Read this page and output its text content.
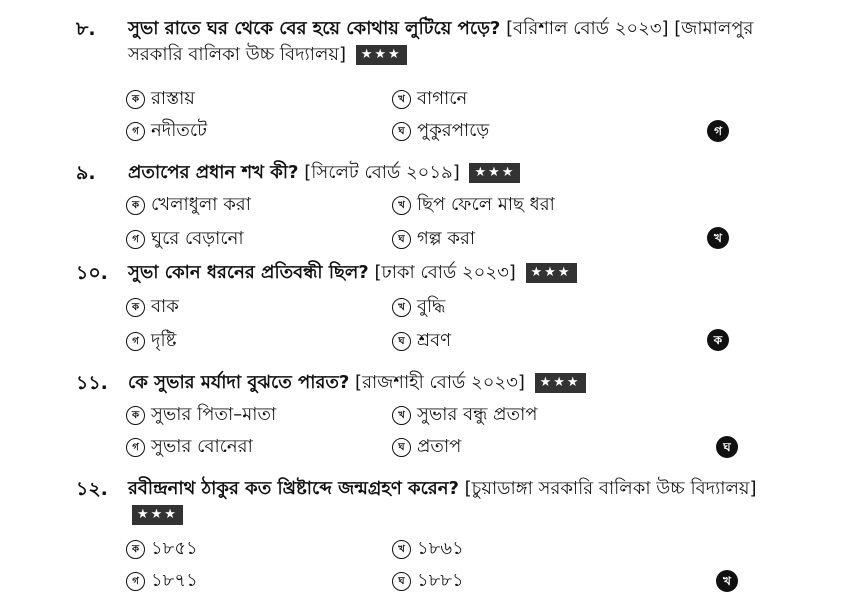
৮. সুভা রাতে ঘর থেকে বের হয়ে কোথায় লুটিয়ে পড়ে? [বরিশাল বোর্ড ২০২৩] [জামালপুর সরকারি বালিকা উচ্চ বিদ্যালয়] ★★★
ক রাস্তায়	খ বাগানে
গ নদীতটে	ঘ পুকুরপাড়ে	গ
৯. প্রতাপের প্রধান শখ কী? [সিলেট বোর্ড ২০১৯] ★★★
ক খেলাধুলা করা	খ ছিপ ফেলে মাছ ধরা
গ ঘুরে বেড়ানো	ঘ গল্প করা	খ
১০. সুভা কোন ধরনের প্রতিবন্ধী ছিল? [ঢাকা বোর্ড ২০২৩] ★★★
ক বাক	খ বুদ্ধি
গ দৃষ্টি	ঘ শ্রবণ	ক
১১. কে সুভার মর্যাদা বুঝতে পারত? [রাজশাহী বোর্ড ২০২৩] ★★★
ক সুভার পিতা–মাতা	খ সুভার বন্ধু প্রতাপ
গ সুভার বোনেরা	ঘ প্রতাপ	ঘ
১২. রবীন্দ্রনাথ ঠাকুর কত খ্রিষ্টাব্দে জন্মগ্রহণ করেন? [চুয়াডাঙ্গা সরকারি বালিকা উচ্চ বিদ্যালয়] ★★★
ক ১৮৫১	খ ১৮৬১
গ ১৮৭১	ঘ ১৮৮১	খ
